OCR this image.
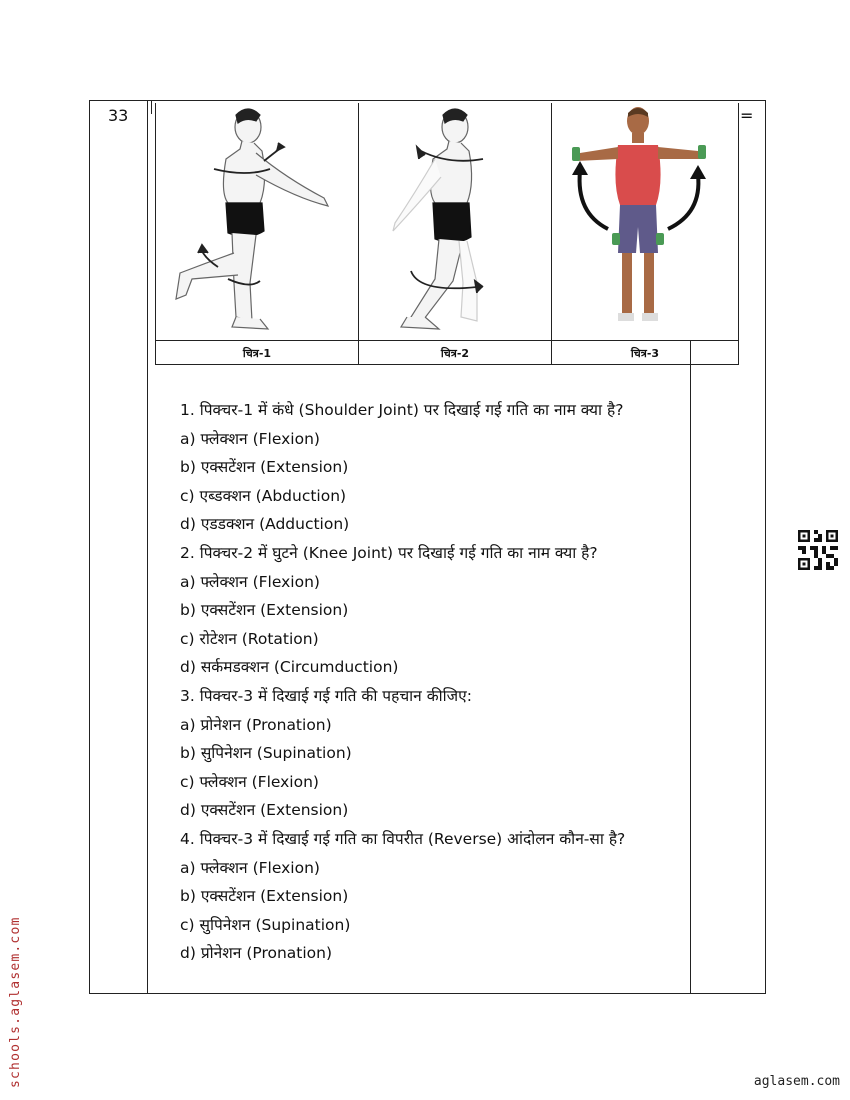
33	=
चित्र-1	चित्र-2	चित्र-3
1. पिक्चर-1 में कंधे (Shoulder Joint) पर दिखाई गई गति का नाम क्या है?
a) फ्लेक्शन (Flexion)
b) एक्सटेंशन (Extension)
c) एब्डक्शन (Abduction)
d) एडडक्शन (Adduction)
2. पिक्चर-2 में घुटने (Knee Joint) पर दिखाई गई गति का नाम क्या है?
a) फ्लेक्शन (Flexion)
b) एक्सटेंशन (Extension)
c) रोटेशन (Rotation)
d) सर्कमडक्शन (Circumduction)
3. पिक्चर-3 में दिखाई गई गति की पहचान कीजिए:
a) प्रोनेशन (Pronation)
b) सुपिनेशन (Supination)
c) फ्लेक्शन (Flexion)
d) एक्सटेंशन (Extension)
4. पिक्चर-3 में दिखाई गई गति का विपरीत (Reverse) आंदोलन कौन-सा है?
a) फ्लेक्शन (Flexion)
b) एक्सटेंशन (Extension)
c) सुपिनेशन (Supination)
d) प्रोनेशन (Pronation)
schools.aglasem.com	aglasem.com
